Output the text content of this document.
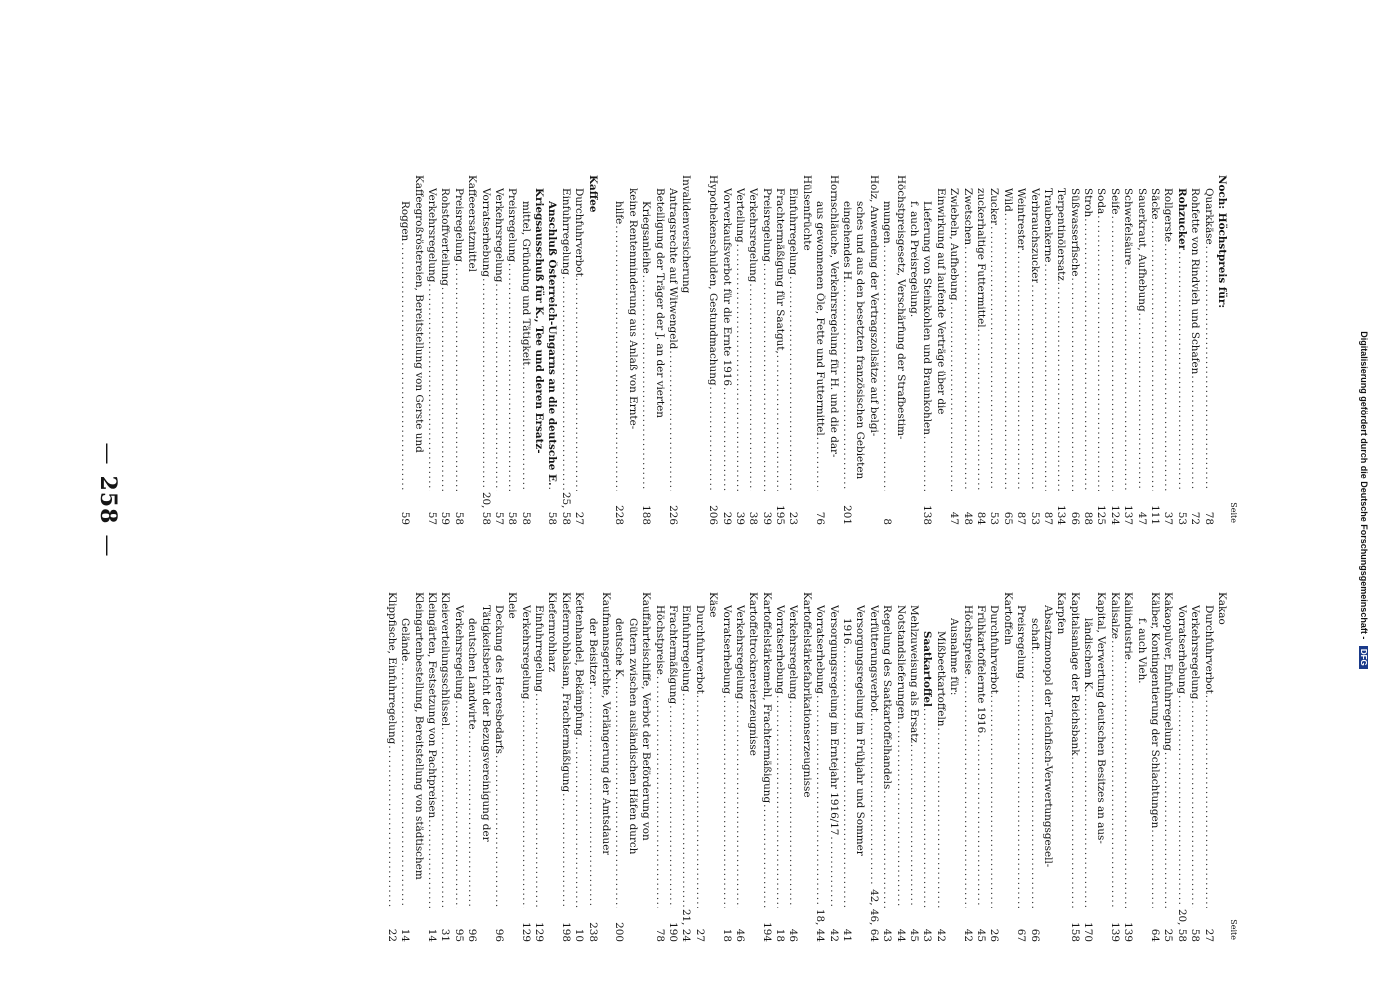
Digitalisierung gefördert durch die Deutsche Forschungsgemeinschaft - DFG
—258—
Seite
Noch: Höchstpreis für:
Quarkkäse
.....
78
Rohfette von Rindvieh und Schafen
.....
72
Rohzucker
.....
53
Rollgerste
.....
37
Säcke
.....
111
Sauerkraut, Aufhebung
.....
47
Schwefelsäure
.....
137
Seife
.....
124
Soda
.....
125
Stroh
.....
88
Süßwasserfische
.....
66
Terpentinölersatz
.....
134
Traubenkerne
.....
87
Verbrauchszucker
.....
53
Weintrester
.....
87
Wild
.....
65
Zucker
.....
53
zuckerhaltige Futtermittel
.....
84
Zwetschen
.....
48
Zwiebeln, Aufhebung
.....
47
Einwirkung auf laufende Verträge über die
Lieferung von Steinkohlen und Braunkohlen
.....
138
f. auch Preisregelung.
Höchstpreisgesetz, Verschärfung der Strafbestim-
mungen
.....
8
Holz, Anwendung der Vertragszollsätze auf belgi-
sches und aus den besetzten französischen Gebieten
eingehendes H.
.....
201
Hornschläuche, Verkehrsregelung für H. und die dar-
aus gewonnenen Öle, Fette und Futtermittel
.....
76
Hülsenfrüchte
Einfuhrregelung
.....
23
Frachtermäßigung für Saatgut,
.....
195
Preisregelung
.....
39
Verkehrsregelung
.....
38
Verteilung
.....
39
Vorverkaufsverbot für die Ernte 1916
.....
29
Hypothekenschulden, Gestundmachung
.....
206
Invalidenversicherung
Antragsrechte auf Witwengeld
.....
226
Beteiligung der Träger der J. an der vierten
Kriegsanleihe
.....
188
keine Rentenminderung aus Anlaß von Ernte-
hilfe
.....
228
Kaffee
Durchfuhrverbot
.....
27
Einfuhrregelung
.....
25, 58
Anschluß Österreich-Ungarns an die deutsche E.
.....
58
Kriegsausschuß für K., Tee und deren Ersatz-
mittel, Gründung und Tätigkeit
.....
58
Preisregelung
.....
58
Verkehrsregelung
.....
57
Vorratserhebung
.....
20, 58
Kaffeeersatzmittel
Preisregelung
.....
58
Rohstoffverteilung
.....
59
Verkehrsregelung
.....
57
Kaffeegroßröstereien, Bereitstellung von Gerste und
Roggen
.....
59
Seite
Kakao
Durchfuhrverbot
.....
27
Verkehrsregelung
.....
58
Vorratserhebung
.....
20, 58
Kakaopulver, Einfuhrregelung
.....
25
Kälber, Kontingentierung der Schlachtungen
.....
64
f. auch Vieh.
Kaliindustrie
.....
139
Kalisalze
.....
139
Kapital, Verwertung deutschen Besitzes an aus-
ländischem K.
.....
170
Kapitalsanlage der Reichsbank
.....
158
Karpfen
Absatzmonopol der Teichfisch-Verwertungsgesell-
schaft
.....
66
Preisregelung
.....
67
Kartoffeln
Durchfuhrverbot
.....
26
Frühkartoffelernte 1916
.....
45
Höchstpreise
.....
42
Ausnahme für:
Mißbeetkartoffeln
.....
42
Saatkartoffel
.....
43
Mehlzuweisung als Ersatz
.....
45
Notstandslieferungen
.....
44
Regelung des Saatkartoffelhandels
.....
43
Verfütterungsverbot
.....
42, 46, 64
Versorgungsregelung im Frühjahr und Sommer
1916
.....
41
Versorgungsregelung im Erntejahr 1916/17
.....
42
Vorratserhebung
.....
18, 44
Kartoffelstärkefabrikationserzeugnisse
Verkehrsregelung
.....
46
Vorratserhebung
.....
18
Kartoffelstärkemehl, Frachtermäßigung
.....
194
Kartoffeltrocknereierzeugnisse
Verkehrsregelung
.....
46
Vorratserhebung
.....
18
Käse
Durchfuhrverbot
.....
27
Einfuhrregelung
.....
21, 24
Frachtermäßigung
.....
190
Höchstpreise
.....
78
Kauffahrteischiffe, Verbot der Beförderung von
Gütern zwischen ausländischen Häfen durch
deutsche K.
.....
200
Kaufmannsgerichte, Verlängerung der Amtsdauer
der Beisitzer
.....
238
Kettenhandel, Bekämpfung
.....
10
Kiefernrohbalsam, Frachtermäßigung
.....
198
Kiefernrohharz
Einfuhrregelung
.....
129
Verkehrsregelung
.....
129
Kleie
Deckung des Heeresbedarfs
.....
96
Tätigkeitsbericht der Bezugsvereinigung der
deutschen Landwirte
.....
96
Verkehrsregelung
.....
95
Kleieverteilungsschlüssel
.....
31
Kleingärten, Festsetzung von Pachtpreisen
.....
14
Kleingartenbestellung, Bereitstellung von städtischem
Gelände
.....
14
Klippfische, Einfuhrregelung
.....
22
